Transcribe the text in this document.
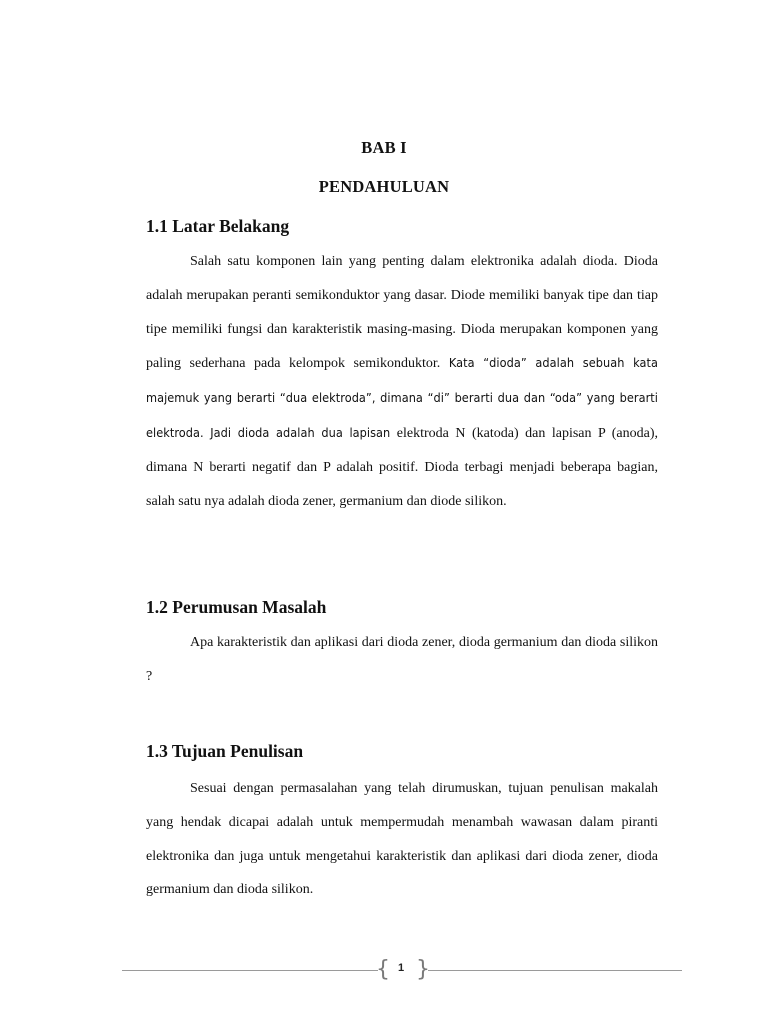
BAB I
PENDAHULUAN
1.1 Latar Belakang

Salah satu komponen lain yang penting dalam elektronika adalah dioda. Dioda adalah merupakan peranti semikonduktor yang dasar. Diode memiliki banyak tipe dan tiap tipe memiliki fungsi dan karakteristik masing-masing. Dioda merupakan komponen yang paling sederhana pada kelompok semikonduktor. Kata “dioda” adalah sebuah kata majemuk yang berarti “dua elektroda”, dimana “di” berarti dua dan “oda” yang berarti elektroda. Jadi dioda adalah dua lapisan elektroda N (katoda) dan lapisan P (anoda), dimana N berarti negatif dan P adalah positif. Dioda terbagi menjadi beberapa bagian, salah satu nya adalah dioda zener, germanium dan diode silikon.

1.2 Perumusan Masalah

Apa karakteristik dan aplikasi dari dioda zener, dioda germanium dan dioda silikon ?

1.3 Tujuan Penulisan

Sesuai dengan permasalahan yang telah dirumuskan, tujuan penulisan makalah yang hendak dicapai adalah untuk mempermudah menambah wawasan dalam piranti elektronika dan juga untuk mengetahui karakteristik dan aplikasi dari dioda zener, dioda germanium dan dioda silikon.

{ 1 }
